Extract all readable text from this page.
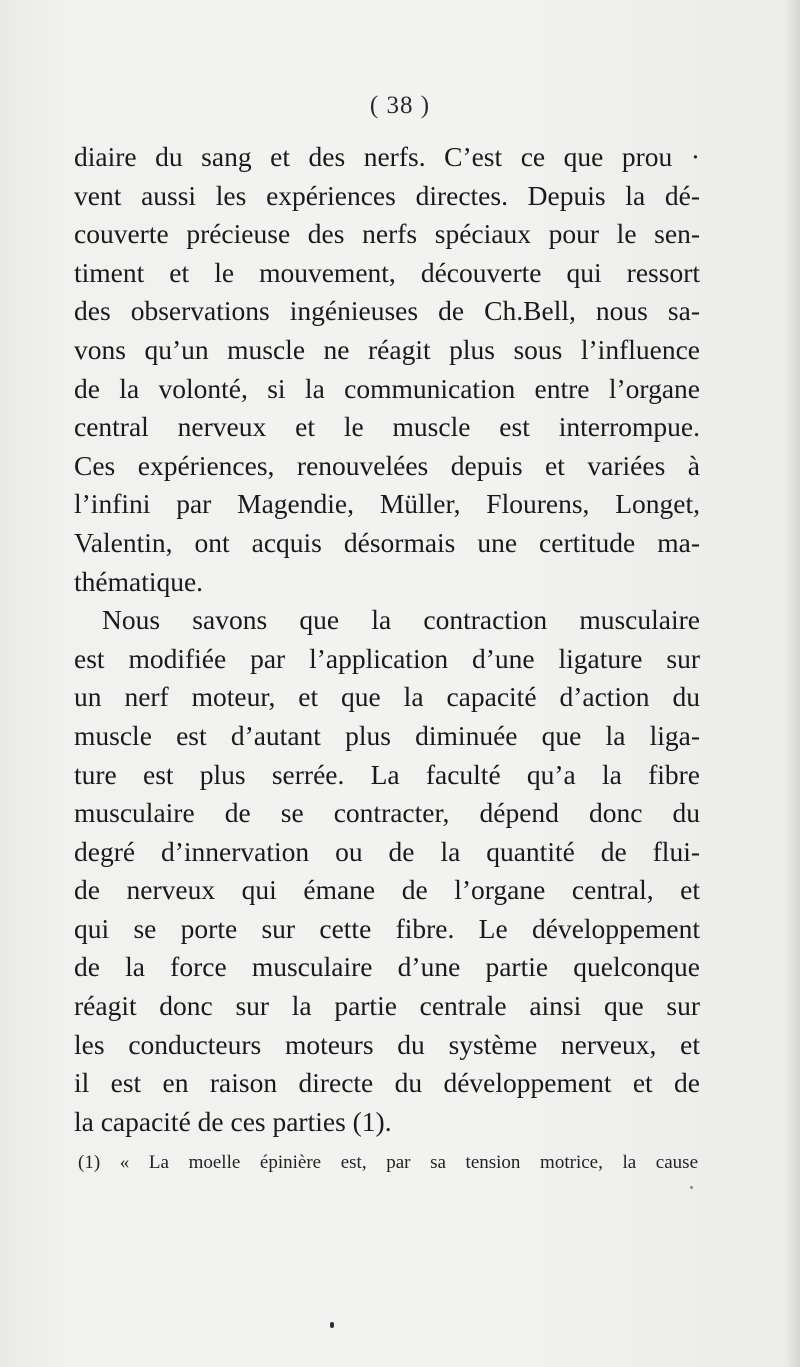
( 38 )
diaire du sang et des nerfs. C’est ce que prou ·
vent aussi les expériences directes. Depuis la dé-
couverte précieuse des nerfs spéciaux pour le sen-
timent et le mouvement, découverte qui ressort
des observations ingénieuses de Ch.Bell, nous sa-
vons qu’un muscle ne réagit plus sous l’influence
de la volonté, si la communication entre l’organe
central nerveux et le muscle est interrompue.
Ces expériences, renouvelées depuis et variées à
l’infini par Magendie, Müller, Flourens, Longet,
Valentin, ont acquis désormais une certitude ma-
thématique.
Nous savons que la contraction musculaire
est modifiée par l’application d’une ligature sur
un nerf moteur, et que la capacité d’action du
muscle est d’autant plus diminuée que la liga-
ture est plus serrée. La faculté qu’a la fibre
musculaire de se contracter, dépend donc du
degré d’innervation ou de la quantité de flui-
de nerveux qui émane de l’organe central, et
qui se porte sur cette fibre. Le développement
de la force musculaire d’une partie quelconque
réagit donc sur la partie centrale ainsi que sur
les conducteurs moteurs du système nerveux, et
il est en raison directe du développement et de
la capacité de ces parties (1).
(1) « La moelle épinière est, par sa tension motrice, la cause
